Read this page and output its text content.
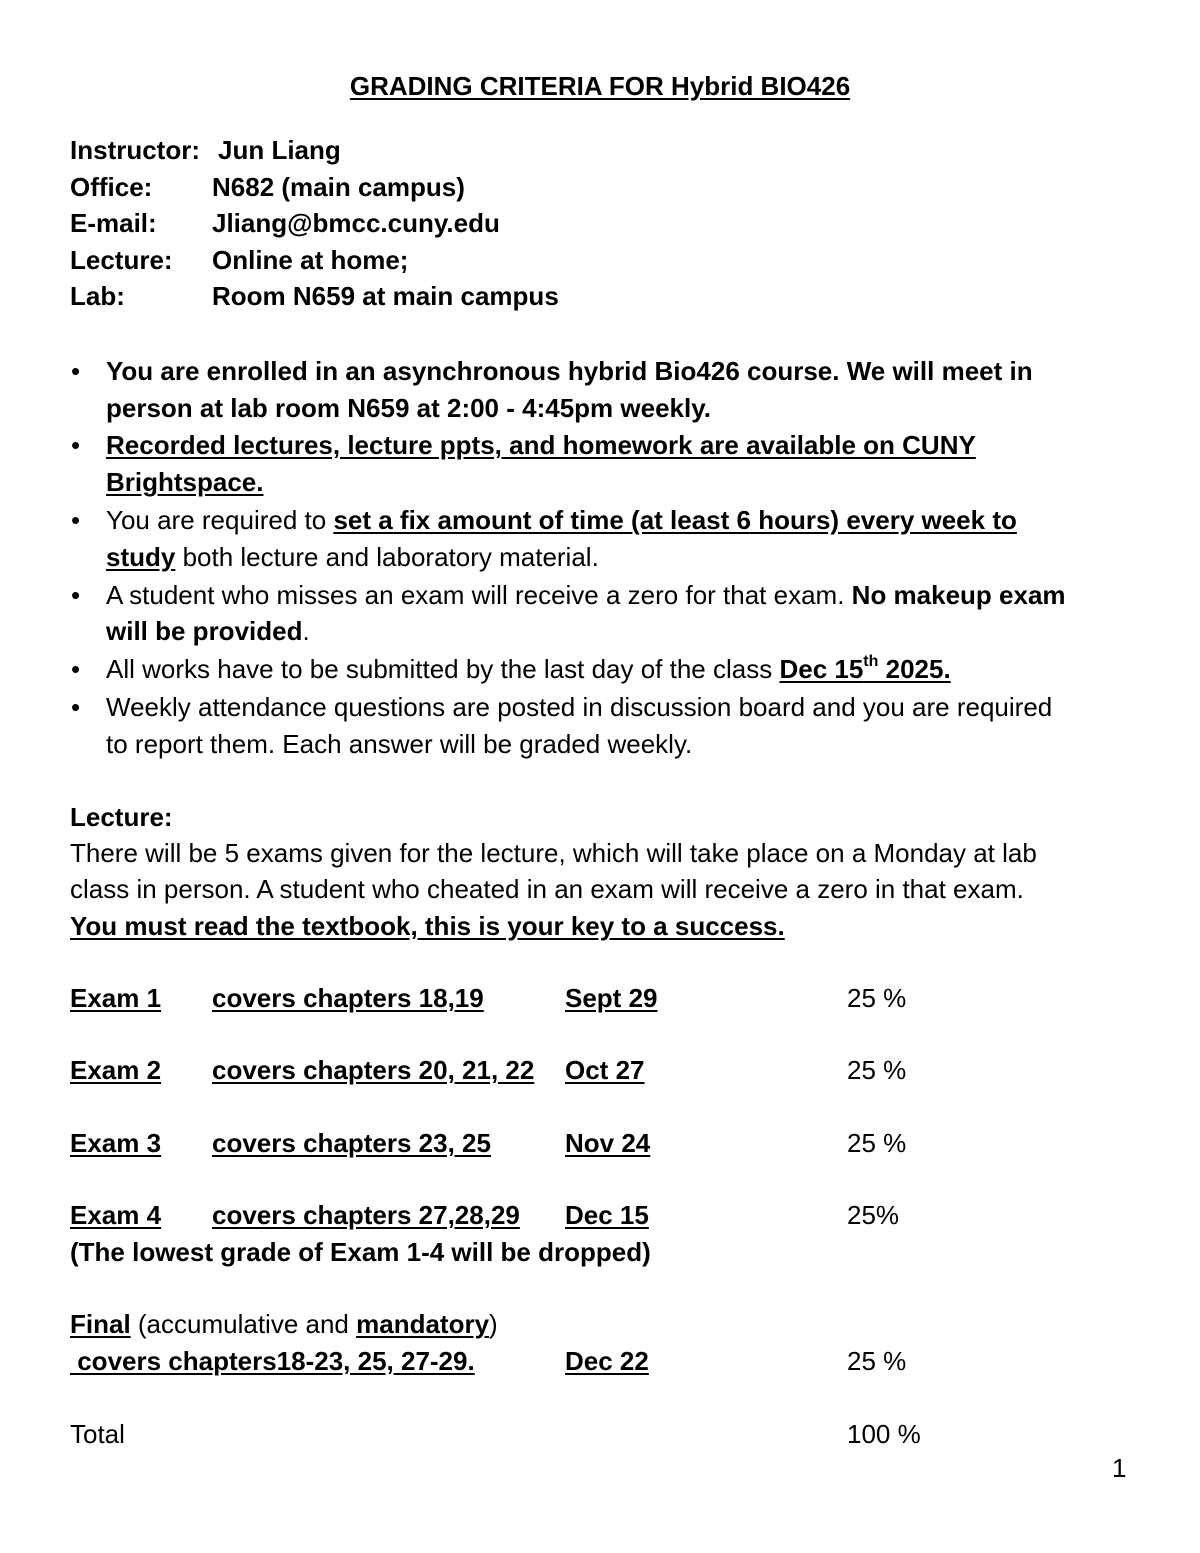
GRADING CRITERIA FOR Hybrid BIO426
Instructor: Jun Liang
Office: N682 (main campus)
E-mail: Jliang@bmcc.cuny.edu
Lecture: Online at home;
Lab:	Room N659 at main campus
• You are enrolled in an asynchronous hybrid Bio426 course. We will meet in
person at lab room N659 at 2:00 - 4:45pm weekly.
• Recorded lectures, lecture ppts, and homework are available on CUNY
Brightspace.
• You are required to set a fix amount of time (at least 6 hours) every week to
study both lecture and laboratory material.
• A student who misses an exam will receive a zero for that exam. No makeup exam
will be provided.
• All works have to be submitted by the last day of the class Dec 15th 2025.
• Weekly attendance questions are posted in discussion board and you are required
to report them. Each answer will be graded weekly.
Lecture:
There will be 5 exams given for the lecture, which will take place on a Monday at lab
class in person. A student who cheated in an exam will receive a zero in that exam.
You must read the textbook, this is your key to a success.
Exam 1 covers chapters 18,19	Sept 29	25 %
Exam 2 covers chapters 20, 21, 22 Oct 27	25 %
Exam 3 covers chapters 23, 25	Nov 24	25 %
Exam 4 covers chapters 27,28,29 Dec 15	25%
(The lowest grade of Exam 1-4 will be dropped)
Final (accumulative and mandatory)
covers chapters18-23, 25, 27-29.	Dec 22	25 %
Total	100 %
1
